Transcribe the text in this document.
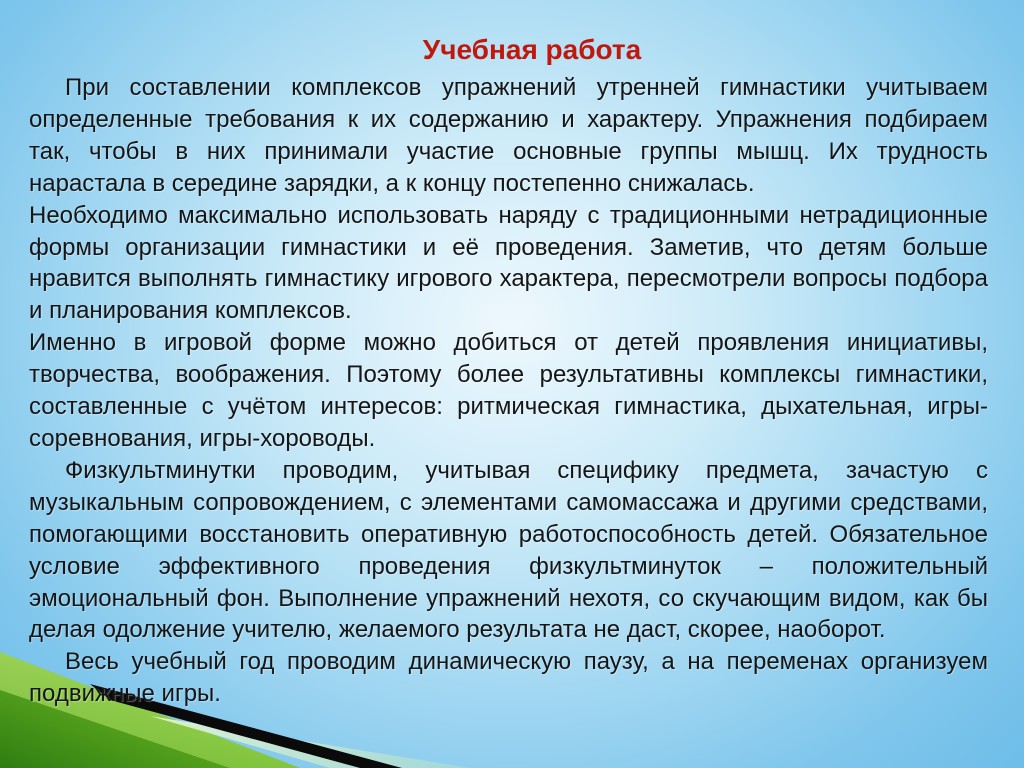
Учебная работа

При составлении комплексов упражнений утренней гимнастики учитываем определенные требования к их содержанию и характеру. Упражнения подбираем так, чтобы в них принимали участие основные группы мышц. Их трудность нарастала в середине зарядки, а к концу постепенно снижалась.

Необходимо максимально использовать наряду с традиционными нетрадиционные формы организации гимнастики и её проведения. Заметив, что детям больше нравится выполнять гимнастику игрового характера, пересмотрели вопросы подбора и планирования комплексов.

Именно в игровой форме можно добиться от детей проявления инициативы, творчества, воображения. Поэтому более результативны комплексы гимнастики, составленные с учётом интересов: ритмическая гимнастика, дыхательная, игры-соревнования, игры-хороводы.

Физкультминутки проводим, учитывая специфику предмета, зачастую с музыкальным сопровождением, с элементами самомассажа и другими средствами, помогающими восстановить оперативную работоспособность детей. Обязательное условие эффективного проведения физкультминуток – положительный эмоциональный фон. Выполнение упражнений нехотя, со скучающим видом, как бы делая одолжение учителю, желаемого результата не даст, скорее, наоборот.

Весь учебный год проводим динамическую паузу, а на переменах организуем подвижные игры.
